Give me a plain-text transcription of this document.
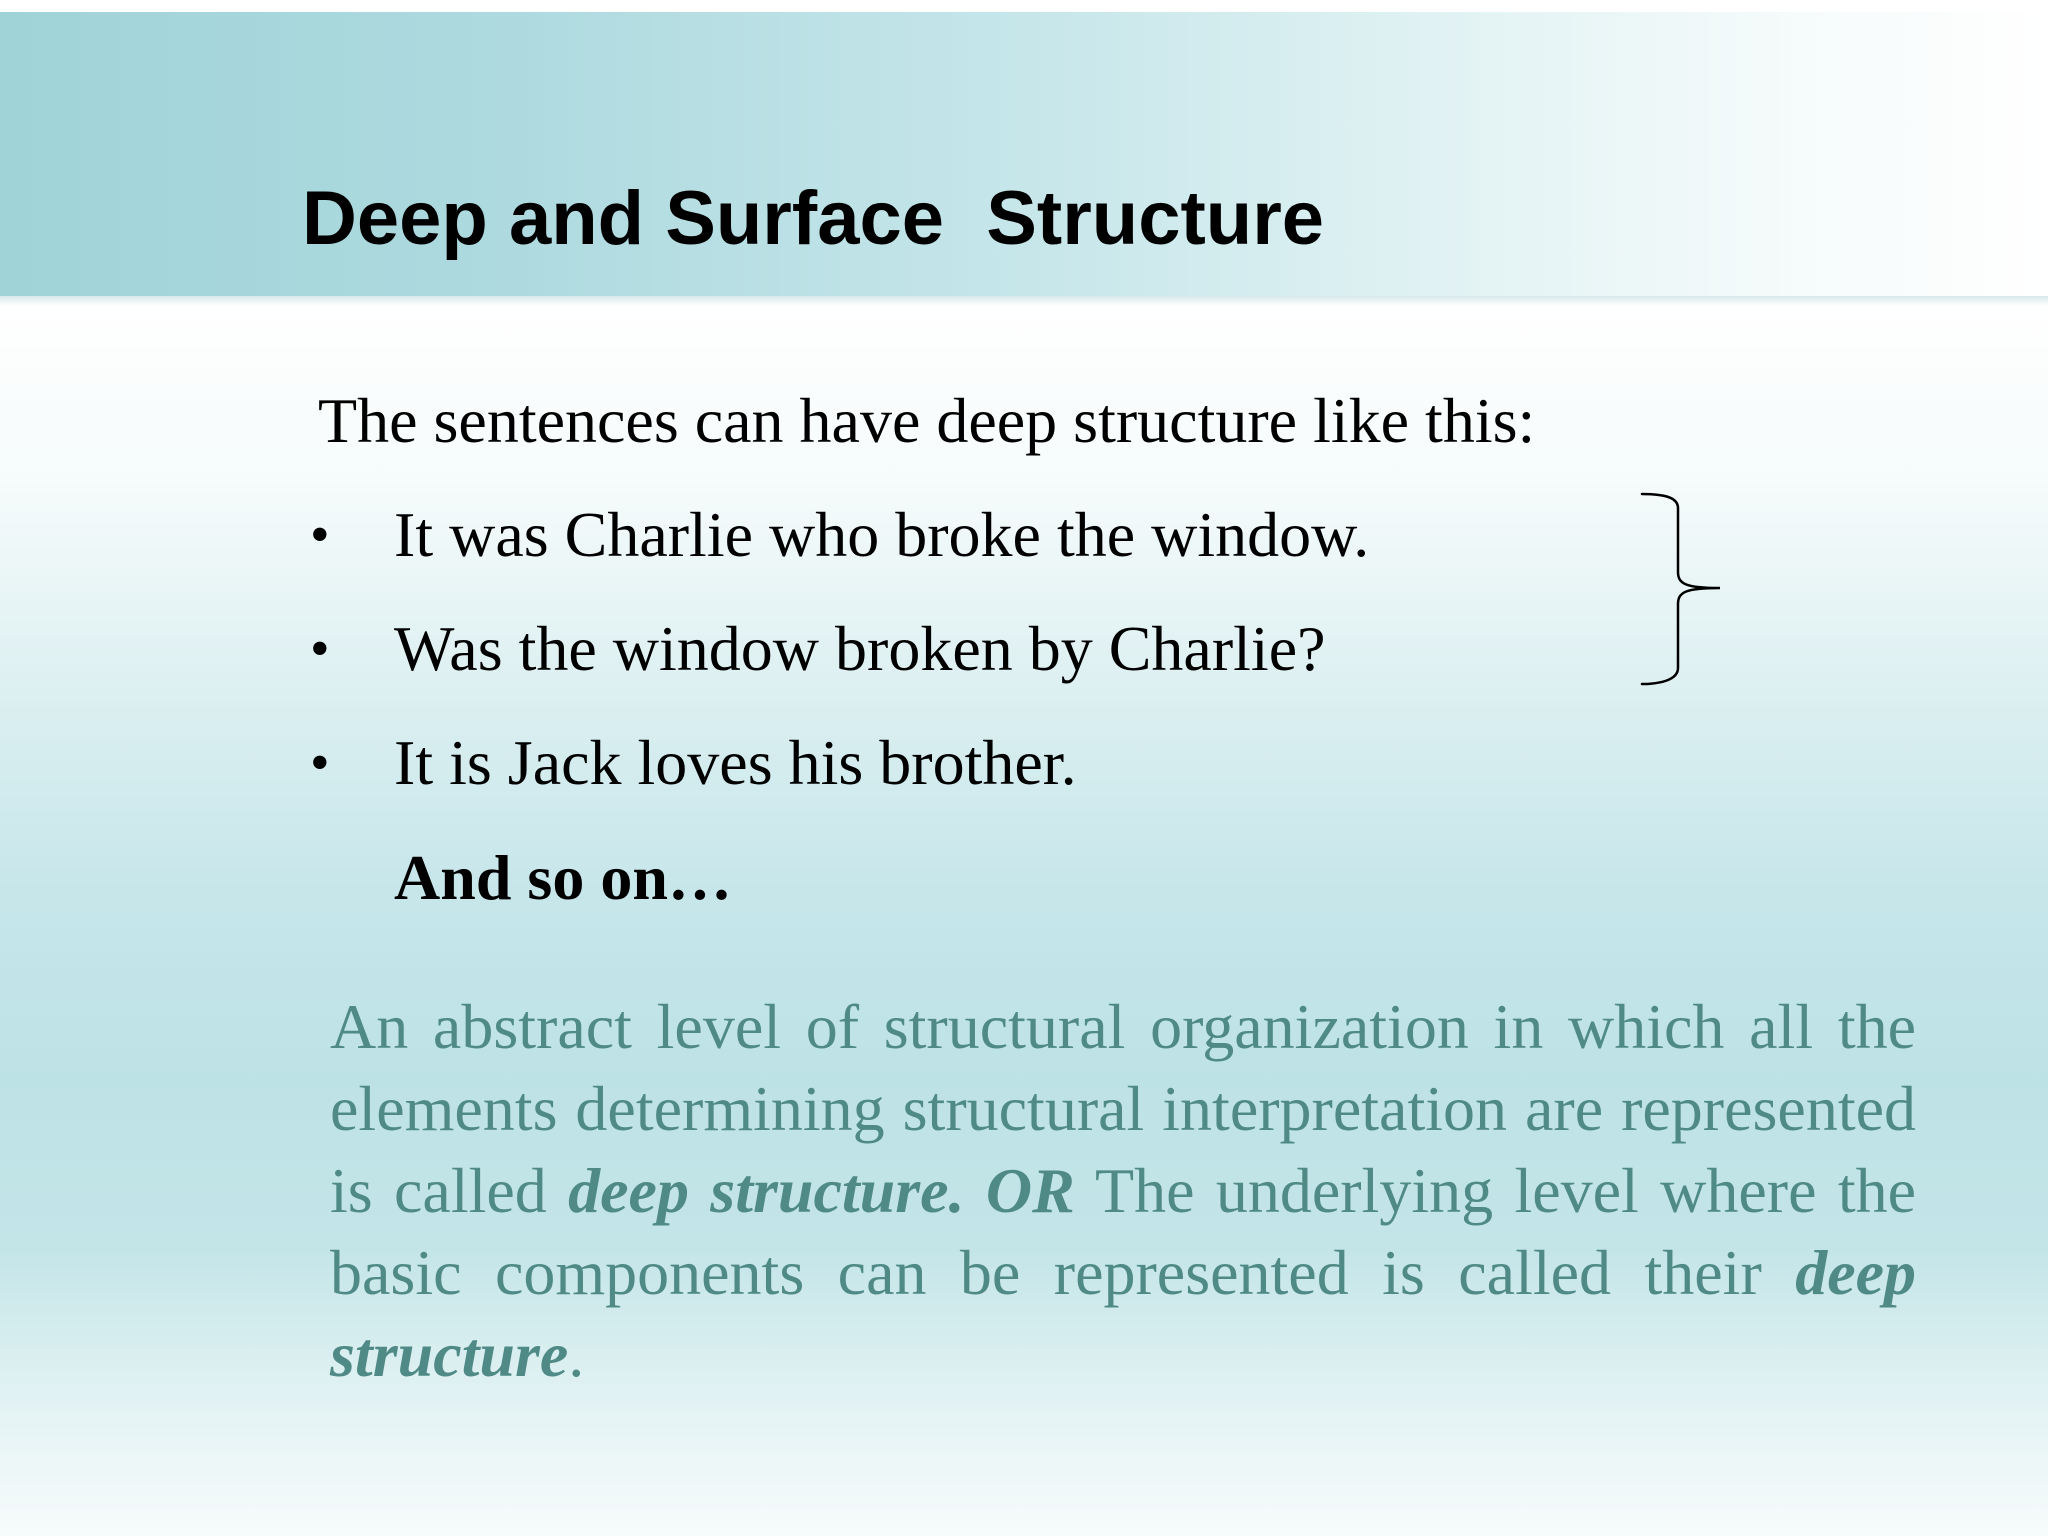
Deep and Surface  Structure
The sentences can have deep structure like this:
• It was Charlie who broke the window.
• Was the window broken by Charlie?
• It is Jack loves his brother.
And so on…

An abstract level of structural organization in which all the elements determining structural interpretation are represented is called deep structure. OR The underlying level where the basic components can be represented is called their deep structure.
